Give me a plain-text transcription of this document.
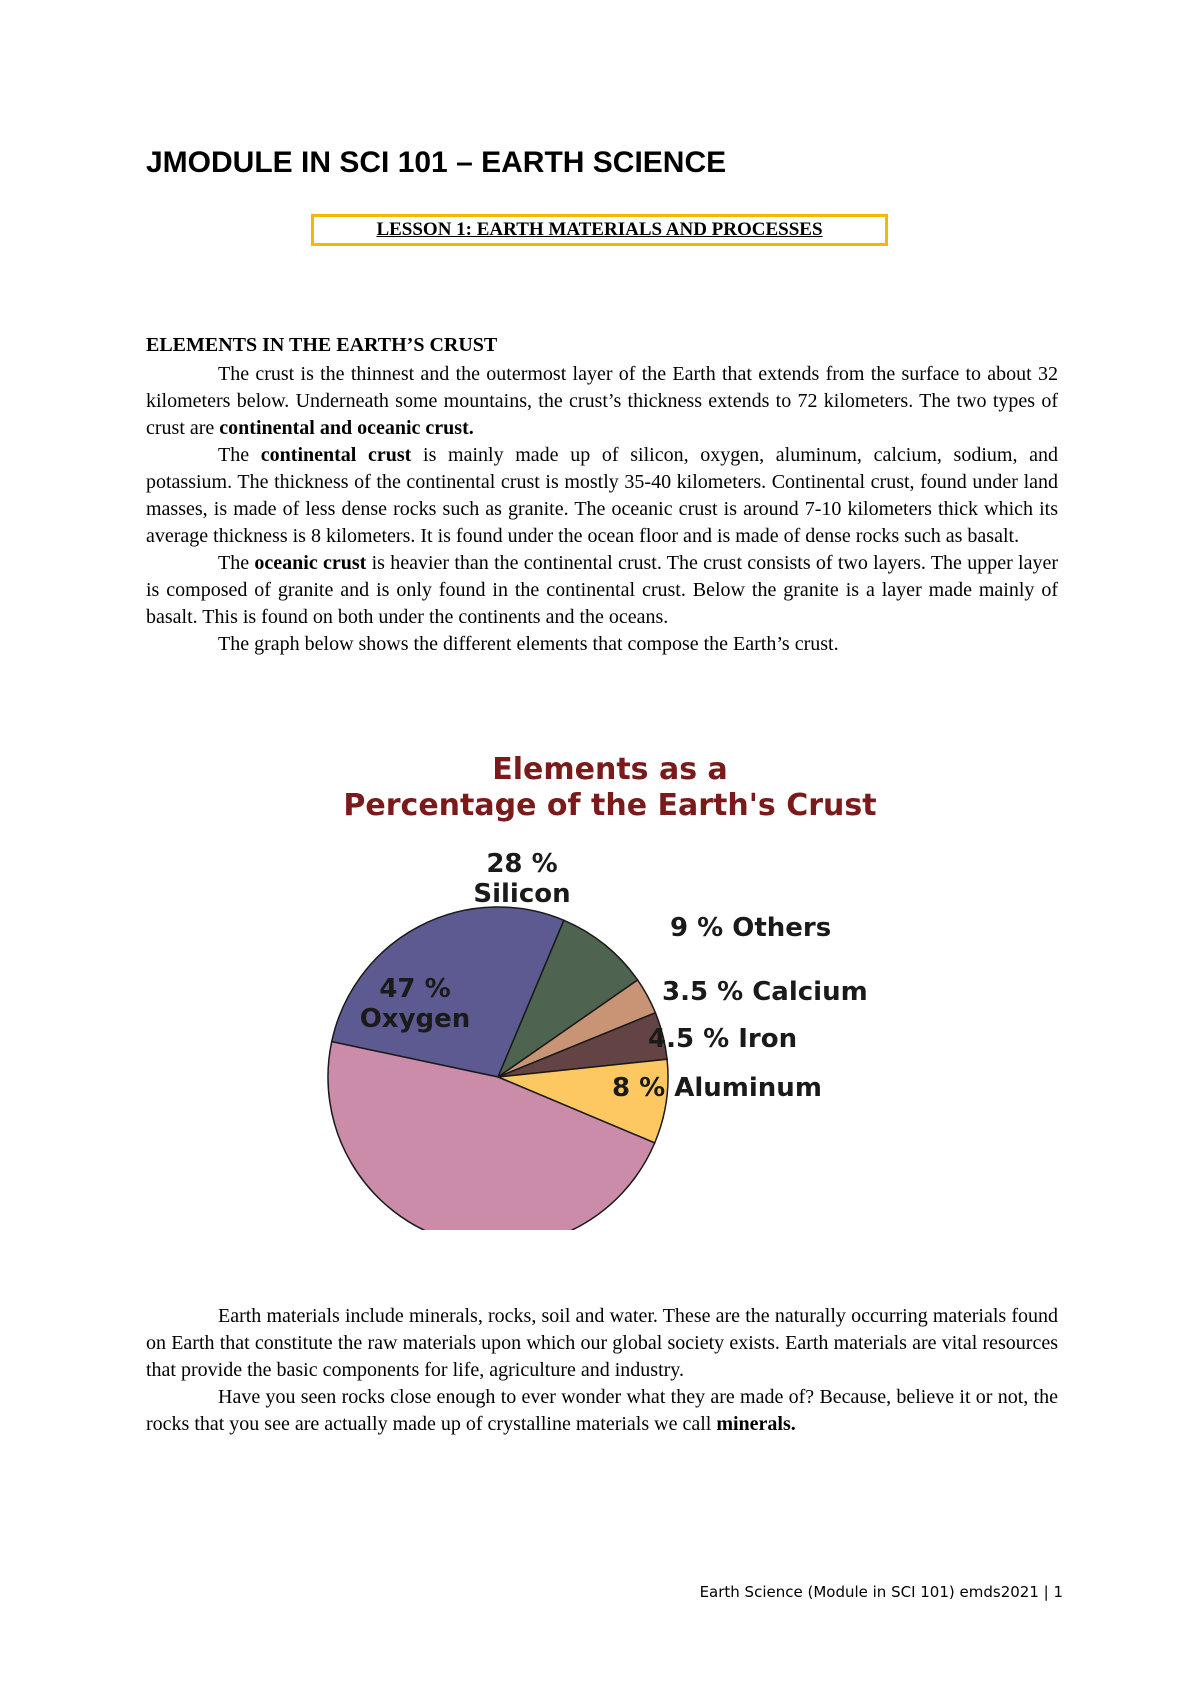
JMODULE IN SCI 101 – EARTH SCIENCE
LESSON 1: EARTH MATERIALS AND PROCESSES
ELEMENTS IN THE EARTH’S CRUST

The crust is the thinnest and the outermost layer of the Earth that extends from the surface to about 32 kilometers below. Underneath some mountains, the crust’s thickness extends to 72 kilometers. The two types of crust are continental and oceanic crust.

The continental crust is mainly made up of silicon, oxygen, aluminum, calcium, sodium, and potassium. The thickness of the continental crust is mostly 35-40 kilometers. Continental crust, found under land masses, is made of less dense rocks such as granite. The oceanic crust is around 7-10 kilometers thick which its average thickness is 8 kilometers. It is found under the ocean floor and is made of dense rocks such as basalt.

The oceanic crust is heavier than the continental crust. The crust consists of two layers. The upper layer is composed of granite and is only found in the continental crust. Below the granite is a layer made mainly of basalt. This is found on both under the continents and the oceans.

The graph below shows the different elements that compose the Earth’s crust.

Elements as a
Percentage of the Earth's Crust
28 %
Silicon
9 % Others
3.5 % Calcium
4.5 % Iron
8 % Aluminum
47 %
Oxygen

Earth materials include minerals, rocks, soil and water. These are the naturally occurring materials found on Earth that constitute the raw materials upon which our global society exists. Earth materials are vital resources that provide the basic components for life, agriculture and industry.

Have you seen rocks close enough to ever wonder what they are made of? Because, believe it or not, the rocks that you see are actually made up of crystalline materials we call minerals.

Earth Science (Module in SCI 101) emds2021 | 1
